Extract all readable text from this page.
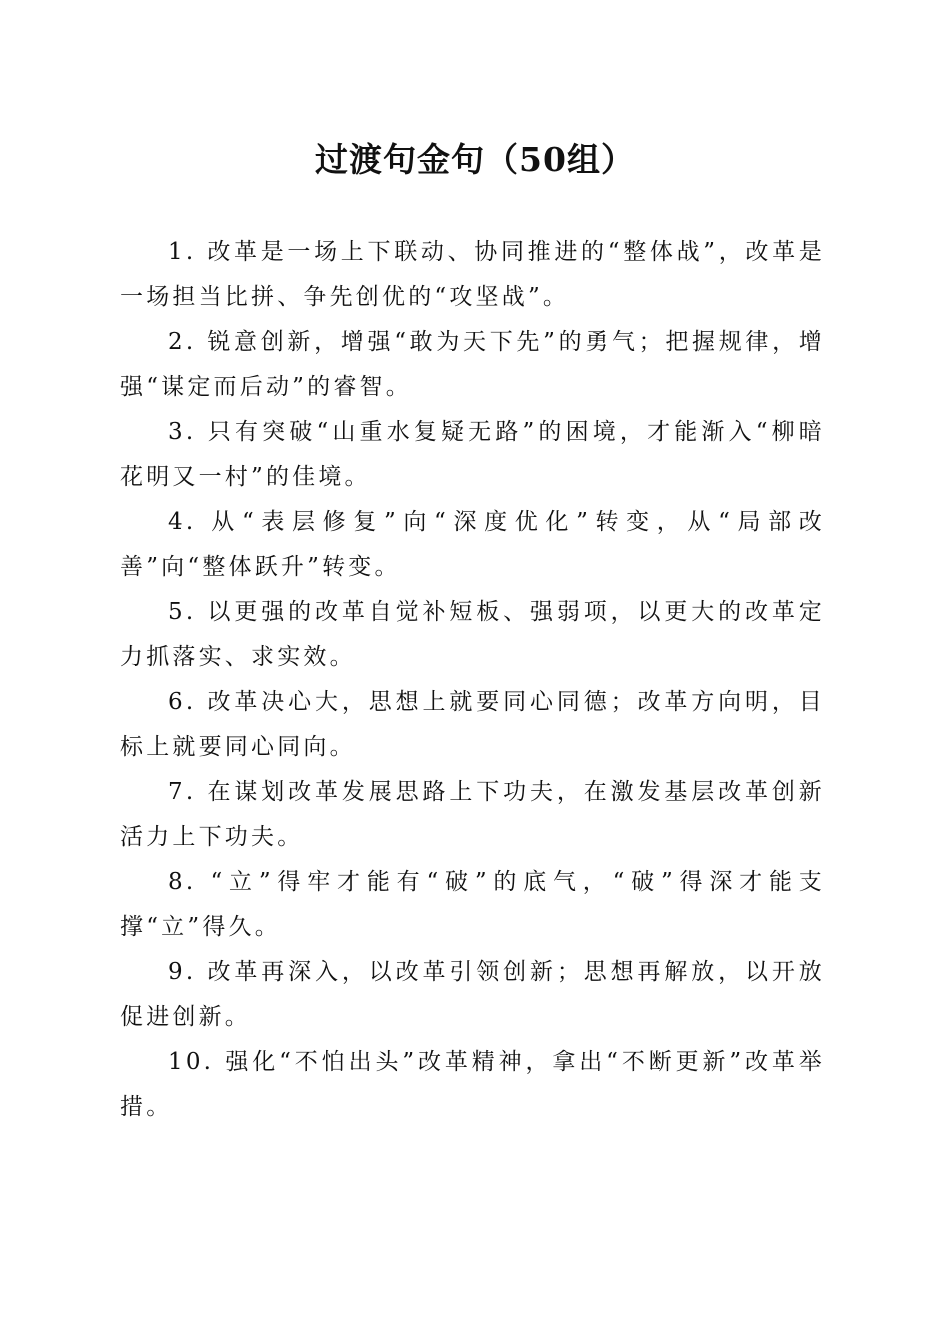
过渡句金句（50组）

1. 改革是一场上下联动、协同推进的“整体战”，改革是一场担当比拼、争先创优的“攻坚战”。

2. 锐意创新，增强“敢为天下先”的勇气；把握规律，增强“谋定而后动”的睿智。

3. 只有突破“山重水复疑无路”的困境，才能渐入“柳暗花明又一村”的佳境。

4. 从“表层修复”向“深度优化”转变，从“局部改善”向“整体跃升”转变。

5. 以更强的改革自觉补短板、强弱项，以更大的改革定力抓落实、求实效。

6. 改革决心大，思想上就要同心同德；改革方向明，目标上就要同心同向。

7. 在谋划改革发展思路上下功夫，在激发基层改革创新活力上下功夫。

8. “立”得牢才能有“破”的底气，“破”得深才能支撑“立”得久。

9. 改革再深入，以改革引领创新；思想再解放，以开放促进创新。

10. 强化“不怕出头”改革精神，拿出“不断更新”改革举措。
